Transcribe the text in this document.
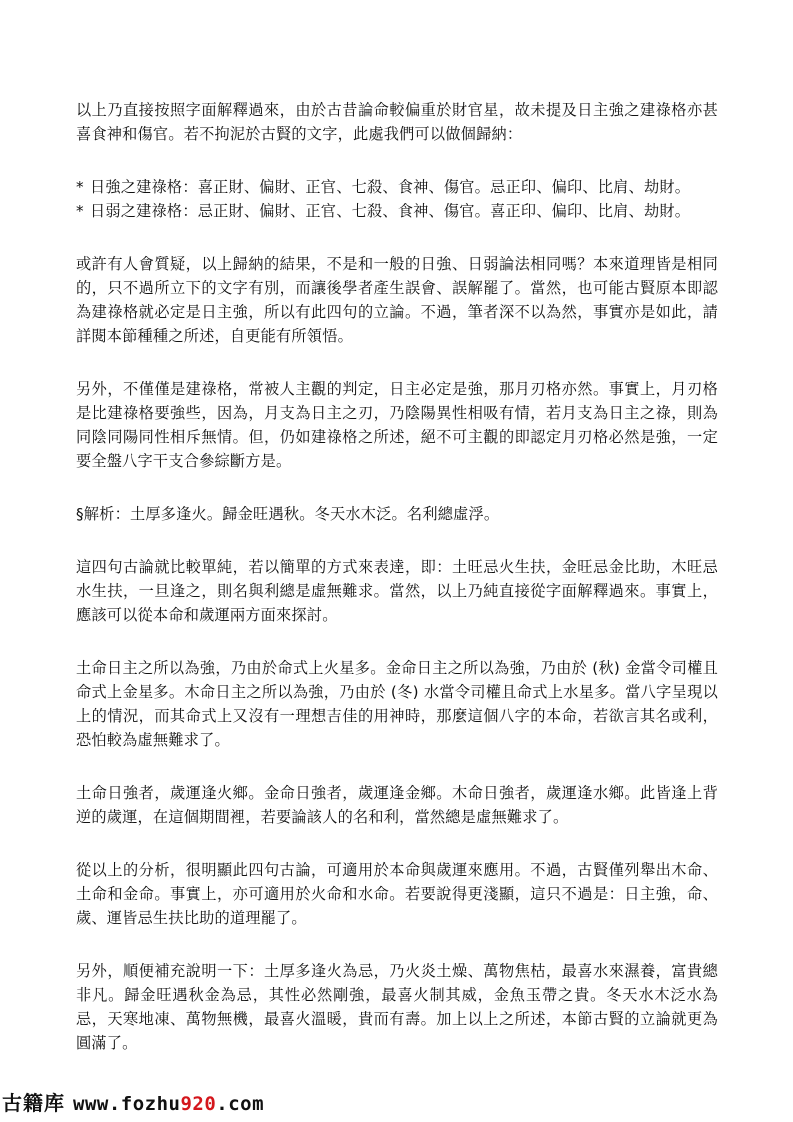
以上乃直接按照字面解釋過來，由於古昔論命較偏重於財官星，故未提及日主強之建祿格亦甚喜食神和傷官。若不拘泥於古賢的文字，此處我們可以做個歸納：

* 日強之建祿格：喜正財、偏財、正官、七殺、食神、傷官。忌正印、偏印、比肩、劫財。
* 日弱之建祿格：忌正財、偏財、正官、七殺、食神、傷官。喜正印、偏印、比肩、劫財。

或許有人會質疑，以上歸納的結果，不是和一般的日強、日弱論法相同嗎？本來道理皆是相同的，只不過所立下的文字有別，而讓後學者產生誤會、誤解罷了。當然，也可能古賢原本即認為建祿格就必定是日主強，所以有此四句的立論。不過，筆者深不以為然，事實亦是如此，請詳閱本節種種之所述，自更能有所領悟。

另外，不僅僅是建祿格，常被人主觀的判定，日主必定是強，那月刃格亦然。事實上，月刃格是比建祿格要強些，因為，月支為日主之刃，乃陰陽異性相吸有情，若月支為日主之祿，則為同陰同陽同性相斥無情。但，仍如建祿格之所述，絕不可主觀的即認定月刃格必然是強，一定要全盤八字干支合參綜斷方是。

§解析：土厚多逢火。歸金旺遇秋。冬天水木泛。名利總虛浮。

這四句古論就比較單純，若以簡單的方式來表達，即：土旺忌火生扶，金旺忌金比助，木旺忌水生扶，一旦逢之，則名與利總是虛無難求。當然，以上乃純直接從字面解釋過來。事實上，應該可以從本命和歲運兩方面來探討。

土命日主之所以為強，乃由於命式上火星多。金命日主之所以為強，乃由於 (秋) 金當令司權且命式上金星多。木命日主之所以為強，乃由於 (冬) 水當令司權且命式上水星多。當八字呈現以上的情況，而其命式上又沒有一理想吉佳的用神時，那麼這個八字的本命，若欲言其名或利，恐怕較為虛無難求了。

土命日強者，歲運逢火鄉。金命日強者，歲運逢金鄉。木命日強者，歲運逢水鄉。此皆逢上背逆的歲運，在這個期間裡，若要論該人的名和利，當然總是虛無難求了。

從以上的分析，很明顯此四句古論，可適用於本命與歲運來應用。不過，古賢僅列舉出木命、土命和金命。事實上，亦可適用於火命和水命。若要說得更淺顯，這只不過是：日主強，命、歲、運皆忌生扶比助的道理罷了。

另外，順便補充說明一下：土厚多逢火為忌，乃火炎土燥、萬物焦枯，最喜水來濕養，富貴總非凡。歸金旺遇秋金為忌，其性必然剛強，最喜火制其威，金魚玉帶之貴。冬天水木泛水為忌，天寒地凍、萬物無機，最喜火溫暖，貴而有壽。加上以上之所述，本節古賢的立論就更為圓滿了。

古籍库 www.fozhu920.com
